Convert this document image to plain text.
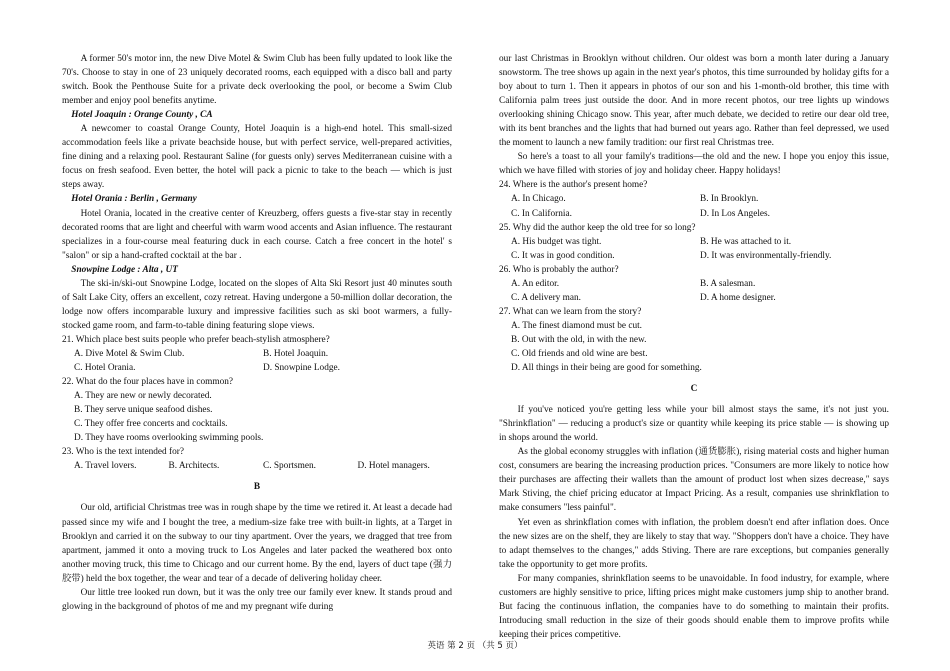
A former 50's motor inn, the new Dive Motel & Swim Club has been fully updated to look like the 70's. Choose to stay in one of 23 uniquely decorated rooms, each equipped with a disco ball and party switch. Book the Penthouse Suite for a private deck overlooking the pool, or become a Swim Club member and enjoy pool benefits anytime.

Hotel Joaquin : Orange County , CA

A newcomer to coastal Orange County, Hotel Joaquin is a high-end hotel. This small-sized accommodation feels like a private beachside house, but with perfect service, well-prepared activities, fine dining and a relaxing pool. Restaurant Saline (for guests only) serves Mediterranean cuisine with a focus on fresh seafood. Even better, the hotel will pack a picnic to take to the beach — which is just steps away.

Hotel Orania : Berlin , Germany

Hotel Orania, located in the creative center of Kreuzberg, offers guests a five-star stay in recently decorated rooms that are light and cheerful with warm wood accents and Asian influence. The restaurant specializes in a four-course meal featuring duck in each course. Catch a free concert in the hotel' s "salon" or sip a hand-crafted cocktail at the bar .

Snowpine Lodge : Alta , UT

The ski-in/ski-out Snowpine Lodge, located on the slopes of Alta Ski Resort just 40 minutes south of Salt Lake City, offers an excellent, cozy retreat. Having undergone a 50-million dollar decoration, the lodge now offers incomparable luxury and impressive facilities such as ski boot warmers, a fully-stocked game room, and farm-to-table dining featuring slope views.

21. Which place best suits people who prefer beach-stylish atmosphere?

A. Dive Motel & Swim Club.	B. Hotel Joaquin.
C. Hotel Orania.	D. Snowpine Lodge.

22. What do the four places have in common?

A. They are new or newly decorated.
B. They serve unique seafood dishes.
C. They offer free concerts and cocktails.
D. They have rooms overlooking swimming pools.

23. Who is the text intended for?

A. Travel lovers.	B. Architects.	C. Sportsmen.	D. Hotel managers.

B

Our old, artificial Christmas tree was in rough shape by the time we retired it. At least a decade had passed since my wife and I bought the tree, a medium-size fake tree with built-in lights, at a Target in Brooklyn and carried it on the subway to our tiny apartment. Over the years, we dragged that tree from apartment, jammed it onto a moving truck to Los Angeles and later packed the weathered box onto another moving truck, this time to Chicago and our current home. By the end, layers of duct tape (强力胶带) held the box together, the wear and tear of a decade of delivering holiday cheer.

Our little tree looked run down, but it was the only tree our family ever knew. It stands proud and glowing in the background of photos of me and my pregnant wife during

our last Christmas in Brooklyn without children. Our oldest was born a month later during a January snowstorm. The tree shows up again in the next year's photos, this time surrounded by holiday gifts for a boy about to turn 1. Then it appears in photos of our son and his 1-month-old brother, this time with California palm trees just outside the door. And in more recent photos, our tree lights up windows overlooking shining Chicago snow. This year, after much debate, we decided to retire our dear old tree, with its bent branches and the lights that had burned out years ago. Rather than feel depressed, we used the moment to launch a new family tradition: our first real Christmas tree.

So here's a toast to all your family's traditions—the old and the new. I hope you enjoy this issue, which we have filled with stories of joy and holiday cheer. Happy holidays!

24. Where is the author's present home?

A. In Chicago.	B. In Brooklyn.
C. In California.	D. In Los Angeles.

25. Why did the author keep the old tree for so long?

A. His budget was tight.	B. He was attached to it.
C. It was in good condition.	D. It was environmentally-friendly.

26. Who is probably the author?

A. An editor.	B. A salesman.
C. A delivery man.	D. A home designer.

27. What can we learn from the story?

A. The finest diamond must be cut.
B. Out with the old, in with the new.
C. Old friends and old wine are best.
D. All things in their being are good for something.

C

If you've noticed you're getting less while your bill almost stays the same, it's not just you. "Shrinkflation" — reducing a product's size or quantity while keeping its price stable — is showing up in shops around the world.

As the global economy struggles with inflation (通货膨胀), rising material costs and higher human cost, consumers are bearing the increasing production prices. "Consumers are more likely to notice how their purchases are affecting their wallets than the amount of product lost when sizes decrease," says Mark Stiving, the chief pricing educator at Impact Pricing. As a result, companies use shrinkflation to make consumers "less painful".

Yet even as shrinkflation comes with inflation, the problem doesn't end after inflation does. Once the new sizes are on the shelf, they are likely to stay that way. "Shoppers don't have a choice. They have to adapt themselves to the changes," adds Stiving. There are rare exceptions, but companies generally take the opportunity to get more profits.

For many companies, shrinkflation seems to be unavoidable. In food industry, for example, where customers are highly sensitive to price, lifting prices might make customers jump ship to another brand. But facing the continuous inflation, the companies have to do something to maintain their profits. Introducing small reduction in the size of their goods should enable them to improve profits while keeping their prices competitive.

英语 第 2 页 （共 5 页）
